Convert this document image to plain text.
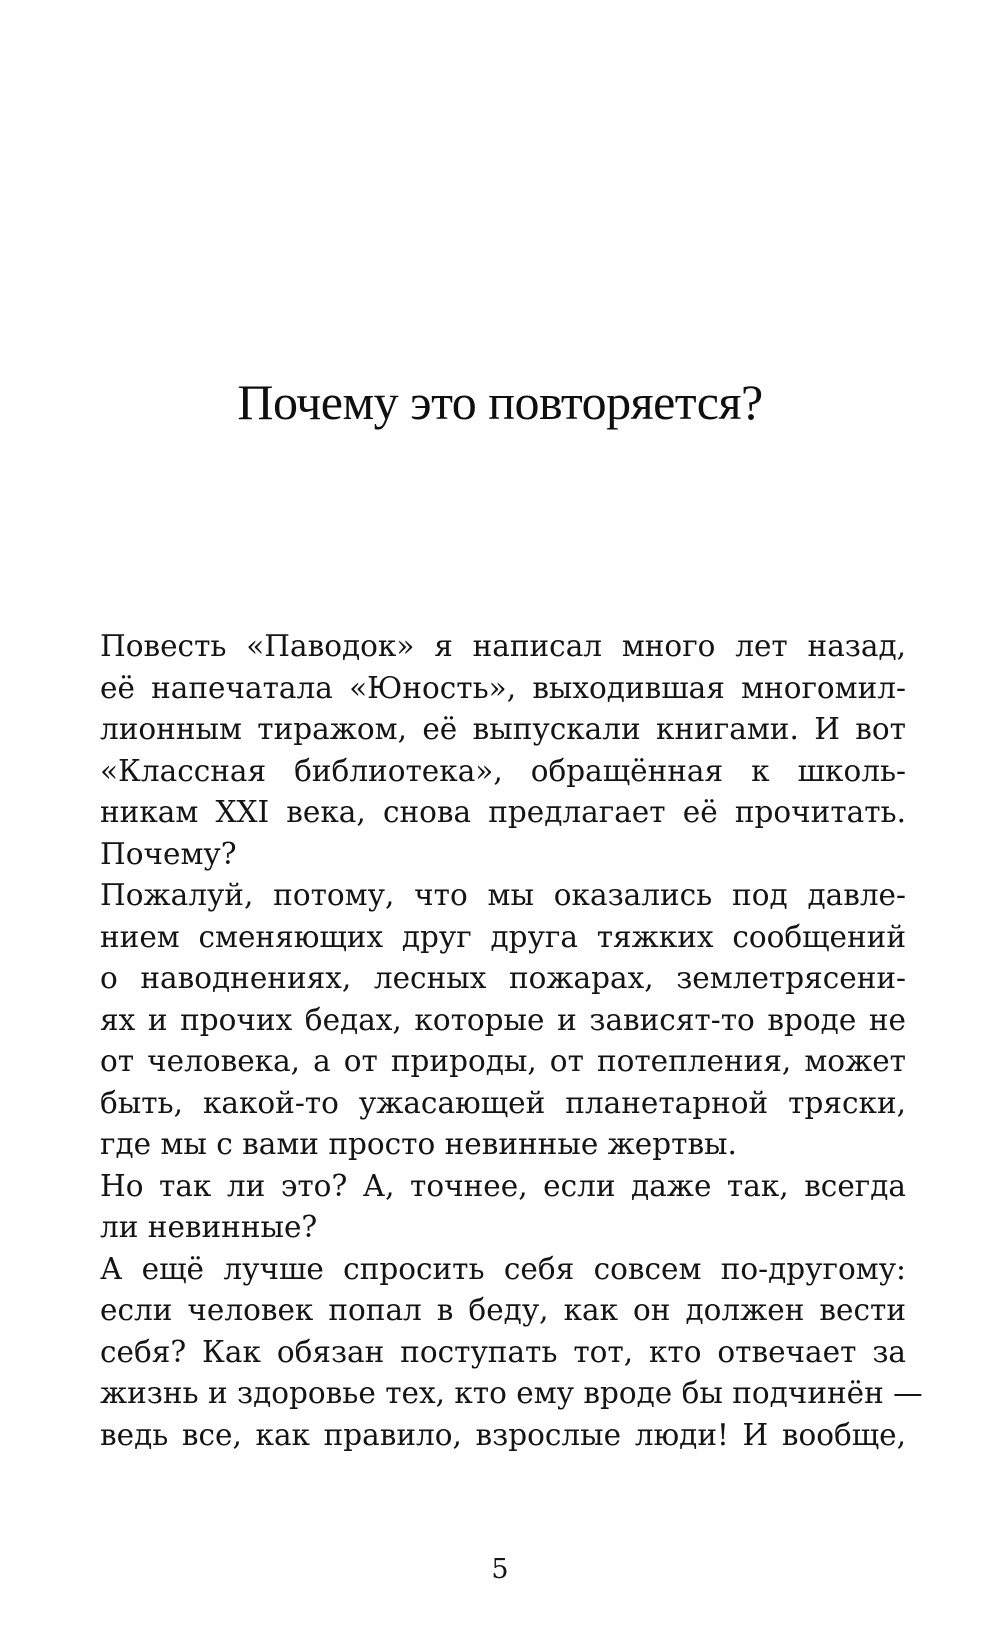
Почему это повторяется?
Повесть «Паводок» я написал много лет назад,
её напечатала «Юность», выходившая многомил-
лионным тиражом, её выпускали книгами. И вот
«Классная библиотека», обращённая к школь-
никам XXI века, снова предлагает её прочитать.
Почему?
Пожалуй, потому, что мы оказались под давле-
нием сменяющих друг друга тяжких сообщений
о наводнениях, лесных пожарах, землетрясени-
ях и прочих бедах, которые и зависят-то вроде не
от человека, а от природы, от потепления, может
быть, какой-то ужасающей планетарной тряски,
где мы с вами просто невинные жертвы.
Но так ли это? А, точнее, если даже так, всегда
ли невинные?
А ещё лучше спросить себя совсем по-другому:
если человек попал в беду, как он должен вести
себя? Как обязан поступать тот, кто отвечает за
жизнь и здоровье тех, кто ему вроде бы подчинён —
ведь все, как правило, взрослые люди! И вообще,
5
